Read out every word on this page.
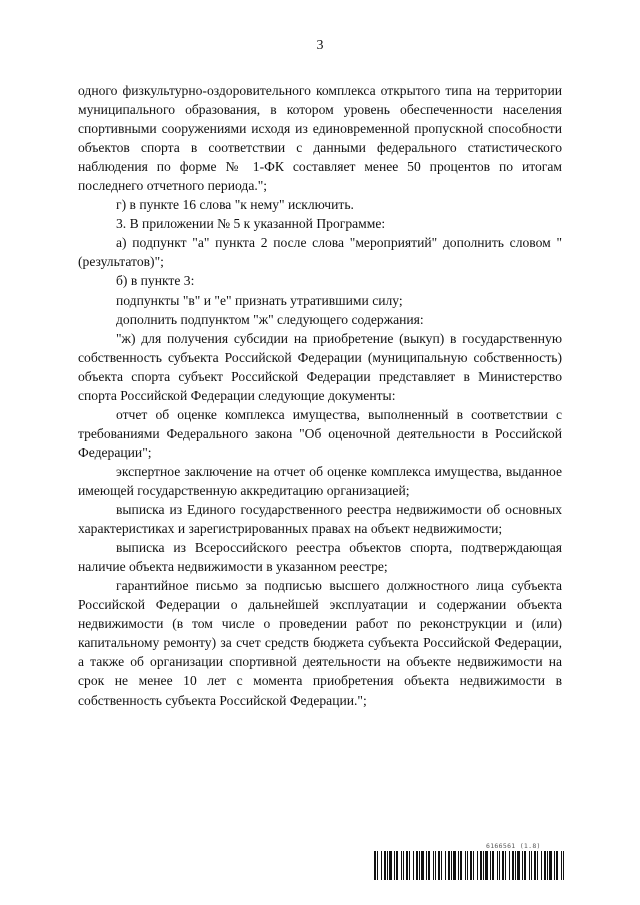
3

одного физкультурно-оздоровительного комплекса открытого типа на территории муниципального образования, в котором уровень обеспеченности населения спортивными сооружениями исходя из единовременной пропускной способности объектов спорта в соответствии с данными федерального статистического наблюдения по форме № 1-ФК составляет менее 50 процентов по итогам последнего отчетного периода.";

г) в пункте 16 слова "к нему" исключить.

3. В приложении № 5 к указанной Программе:

а) подпункт "а" пункта 2 после слова "мероприятий" дополнить словом "(результатов)";

б) в пункте 3:

подпункты "в" и "е" признать утратившими силу;

дополнить подпунктом "ж" следующего содержания:

"ж) для получения субсидии на приобретение (выкуп) в государственную собственность субъекта Российской Федерации (муниципальную собственность) объекта спорта субъект Российской Федерации представляет в Министерство спорта Российской Федерации следующие документы:

отчет об оценке комплекса имущества, выполненный в соответствии с требованиями Федерального закона "Об оценочной деятельности в Российской Федерации";

экспертное заключение на отчет об оценке комплекса имущества, выданное имеющей государственную аккредитацию организацией;

выписка из Единого государственного реестра недвижимости об основных характеристиках и зарегистрированных правах на объект недвижимости;

выписка из Всероссийского реестра объектов спорта, подтверждающая наличие объекта недвижимости в указанном реестре;

гарантийное письмо за подписью высшего должностного лица субъекта Российской Федерации о дальнейшей эксплуатации и содержании объекта недвижимости (в том числе о проведении работ по реконструкции и (или) капитальному ремонту) за счет средств бюджета субъекта Российской Федерации, а также об организации спортивной деятельности на объекте недвижимости на срок не менее 10 лет с момента приобретения объекта недвижимости в собственность субъекта Российской Федерации.";

6166561 (1.8)
